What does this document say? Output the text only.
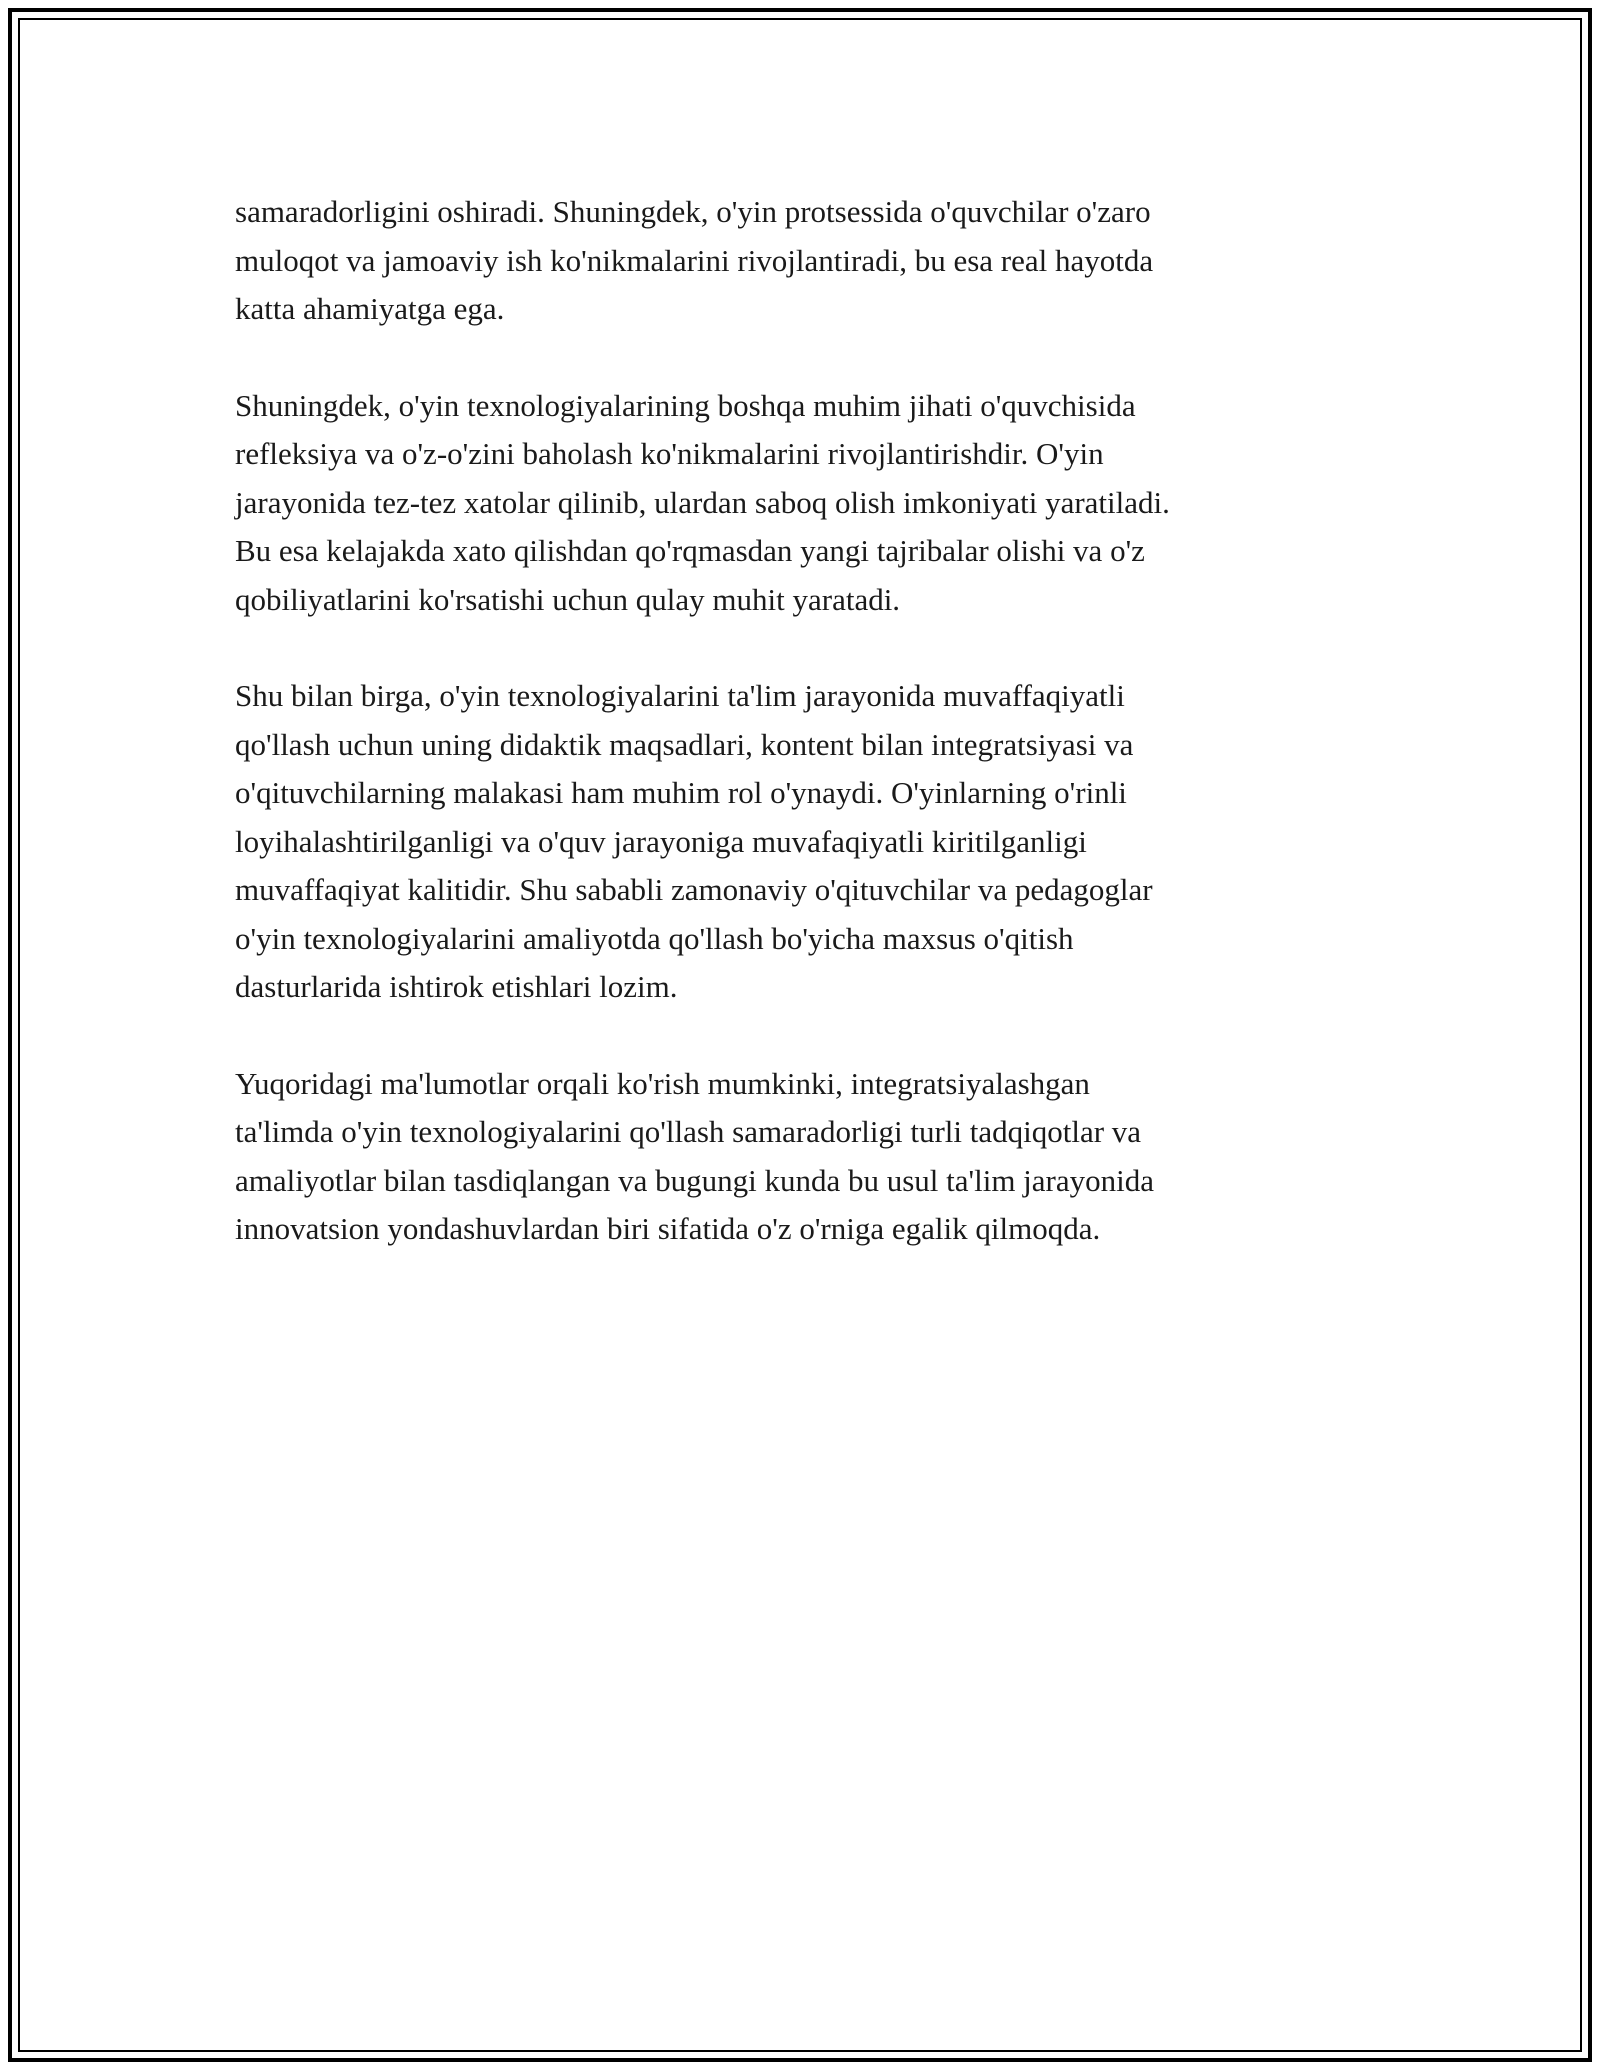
samaradorligini oshiradi. Shuningdek, o'yin protsessida o'quvchilar o'zaro
muloqot va jamoaviy ish ko'nikmalarini rivojlantiradi, bu esa real hayotda
katta ahamiyatga ega.

Shuningdek, o'yin texnologiyalarining boshqa muhim jihati o'quvchisida
refleksiya va o'z-o'zini baholash ko'nikmalarini rivojlantirishdir. O'yin
jarayonida tez-tez xatolar qilinib, ulardan saboq olish imkoniyati yaratiladi.
Bu esa kelajakda xato qilishdan qo'rqmasdan yangi tajribalar olishi va o'z
qobiliyatlarini ko'rsatishi uchun qulay muhit yaratadi.

Shu bilan birga, o'yin texnologiyalarini ta'lim jarayonida muvaffaqiyatli
qo'llash uchun uning didaktik maqsadlari, kontent bilan integratsiyasi va
o'qituvchilarning malakasi ham muhim rol o'ynaydi. O'yinlarning o'rinli
loyihalashtirilganligi va o'quv jarayoniga muvafaqiyatli kiritilganligi
muvaffaqiyat kalitidir. Shu sababli zamonaviy o'qituvchilar va pedagoglar
o'yin texnologiyalarini amaliyotda qo'llash bo'yicha maxsus o'qitish
dasturlarida ishtirok etishlari lozim.

Yuqoridagi ma'lumotlar orqali ko'rish mumkinki, integratsiyalashgan
ta'limda o'yin texnologiyalarini qo'llash samaradorligi turli tadqiqotlar va
amaliyotlar bilan tasdiqlangan va bugungi kunda bu usul ta'lim jarayonida
innovatsion yondashuvlardan biri sifatida o'z o'rniga egalik qilmoqda.
